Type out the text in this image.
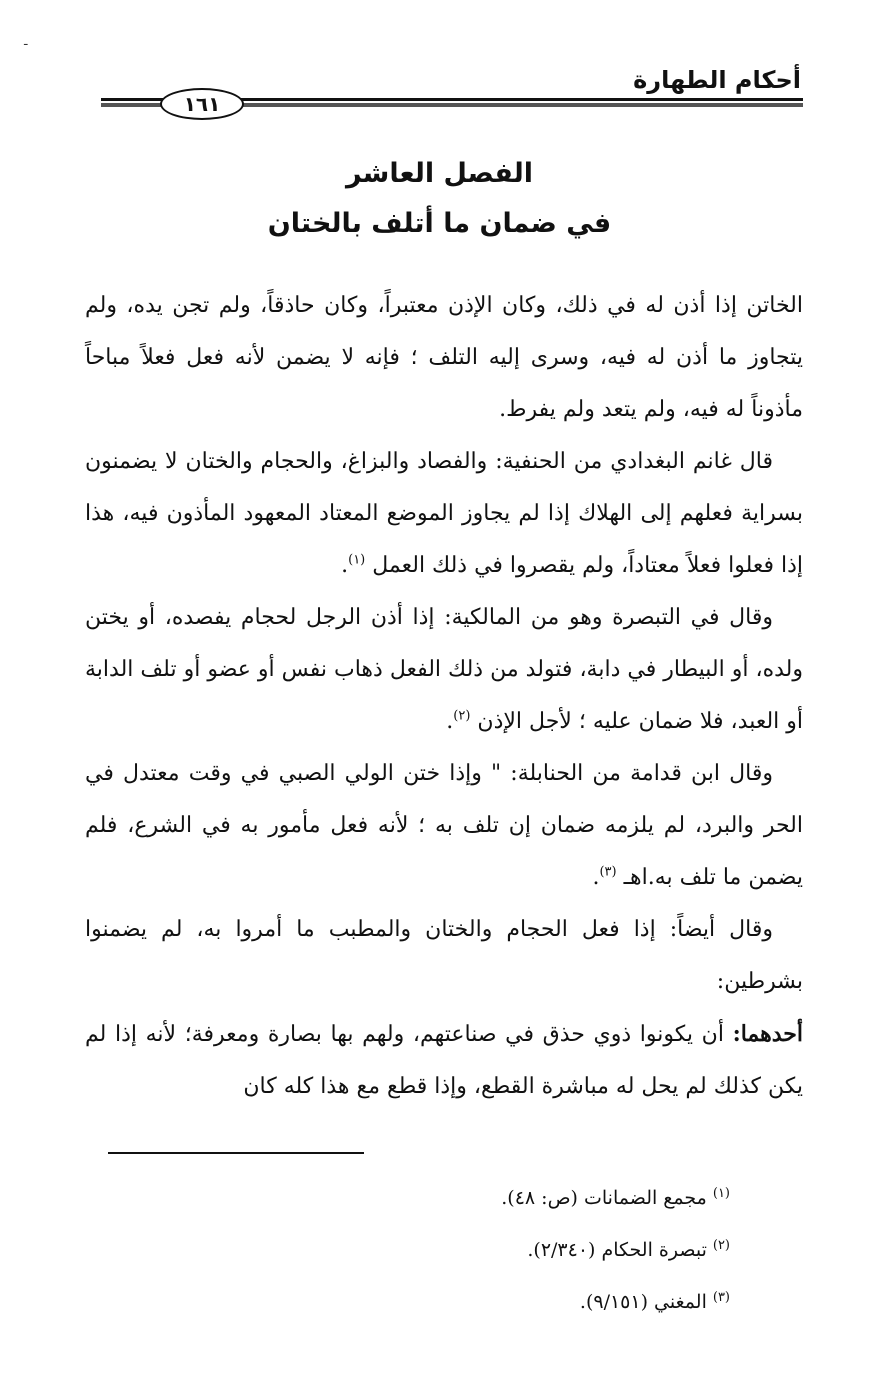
ـ
أحكام الطهارة
١٦١
الفصل العاشر
في ضمان ما أتلف بالختان

الخاتن إذا أذن له في ذلك، وكان الإذن معتبراً، وكان حاذقاً، ولم تجن يده، ولم يتجاوز ما أذن له فيه، وسرى إليه التلف ؛ فإنه لا يضمن لأنه فعل فعلاً مباحاً مأذوناً له فيه، ولم يتعد ولم يفرط.

قال غانم البغدادي من الحنفية: والفصاد والبزاغ، والحجام والختان لا يضمنون بسراية فعلهم إلى الهلاك إذا لم يجاوز الموضع المعتاد المعهود المأذون فيه، هذا إذا فعلوا فعلاً معتاداً، ولم يقصروا في ذلك العمل $^{(١)}$.

وقال في التبصرة وهو من المالكية: إذا أذن الرجل لحجام يفصده، أو يختن ولده، أو البيطار في دابة، فتولد من ذلك الفعل ذهاب نفس أو عضو أو تلف الدابة أو العبد، فلا ضمان عليه ؛ لأجل الإذن $^{(٢)}$.

وقال ابن قدامة من الحنابلة: " وإذا ختن الولي الصبي في وقت معتدل في الحر والبرد، لم يلزمه ضمان إن تلف به ؛ لأنه فعل مأمور به في الشرع، فلم يضمن ما تلف به.اهـ $^{(٣)}$.

وقال أيضاً: إذا فعل الحجام والختان والمطبب ما أمروا به، لم يضمنوا بشرطين:

أحدهما: أن يكونوا ذوي حذق في صناعتهم، ولهم بها بصارة ومعرفة؛ لأنه إذا لم يكن كذلك لم يحل له مباشرة القطع، وإذا قطع مع هذا كله كان

$^{(١)}$مجمع الضمانات (ص: ٤٨).

$^{(٢)}$تبصرة الحكام (٢/٣٤٠).

$^{(٣)}$المغني (٩/١٥١).
